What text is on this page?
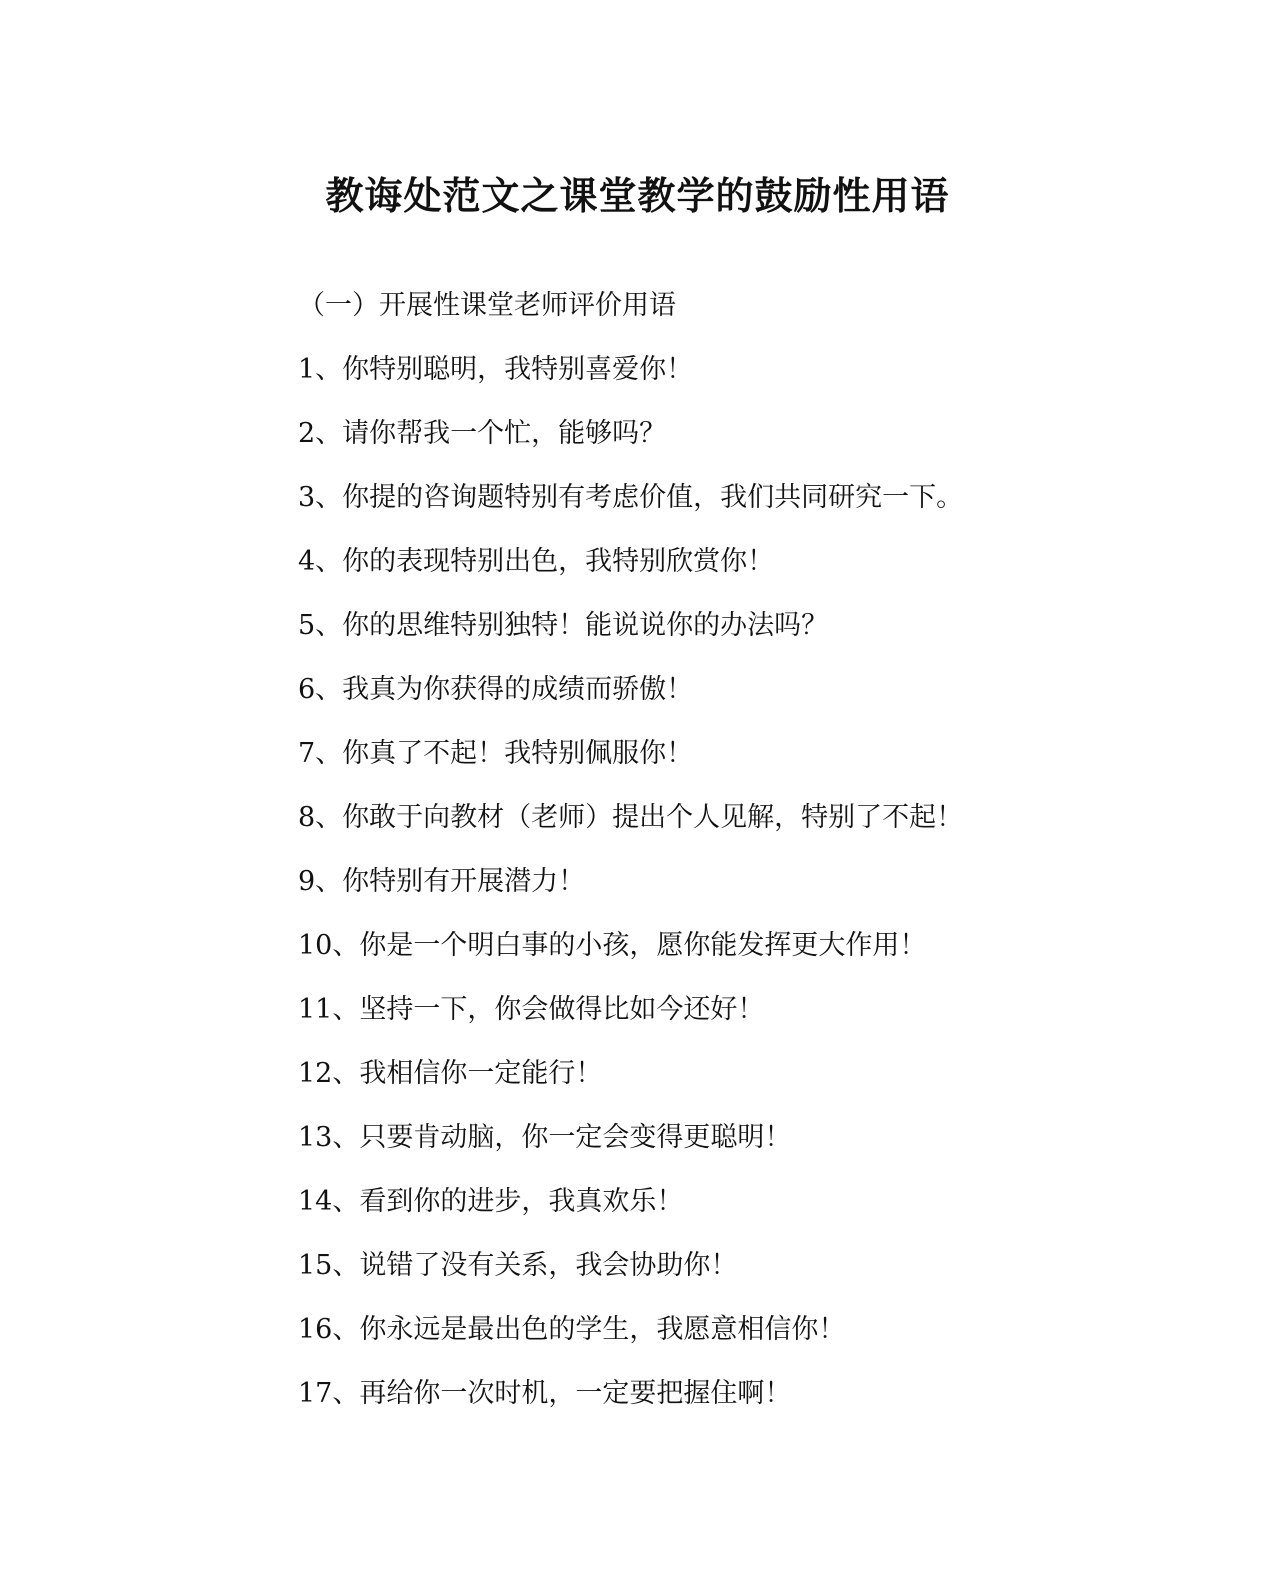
教诲处范文之课堂教学的鼓励性用语
（一）开展性课堂老师评价用语
1、你特别聪明，我特别喜爱你！
2、请你帮我一个忙，能够吗？
3、你提的咨询题特别有考虑价值，我们共同研究一下。
4、你的表现特别出色，我特别欣赏你！
5、你的思维特别独特！能说说你的办法吗？
6、我真为你获得的成绩而骄傲！
7、你真了不起！我特别佩服你！
8、你敢于向教材（老师）提出个人见解，特别了不起！
9、你特别有开展潜力！
10、你是一个明白事的小孩，愿你能发挥更大作用！
11、坚持一下，你会做得比如今还好！
12、我相信你一定能行！
13、只要肯动脑，你一定会变得更聪明！
14、看到你的进步，我真欢乐！
15、说错了没有关系，我会协助你！
16、你永远是最出色的学生，我愿意相信你！
17、再给你一次时机，一定要把握住啊！
